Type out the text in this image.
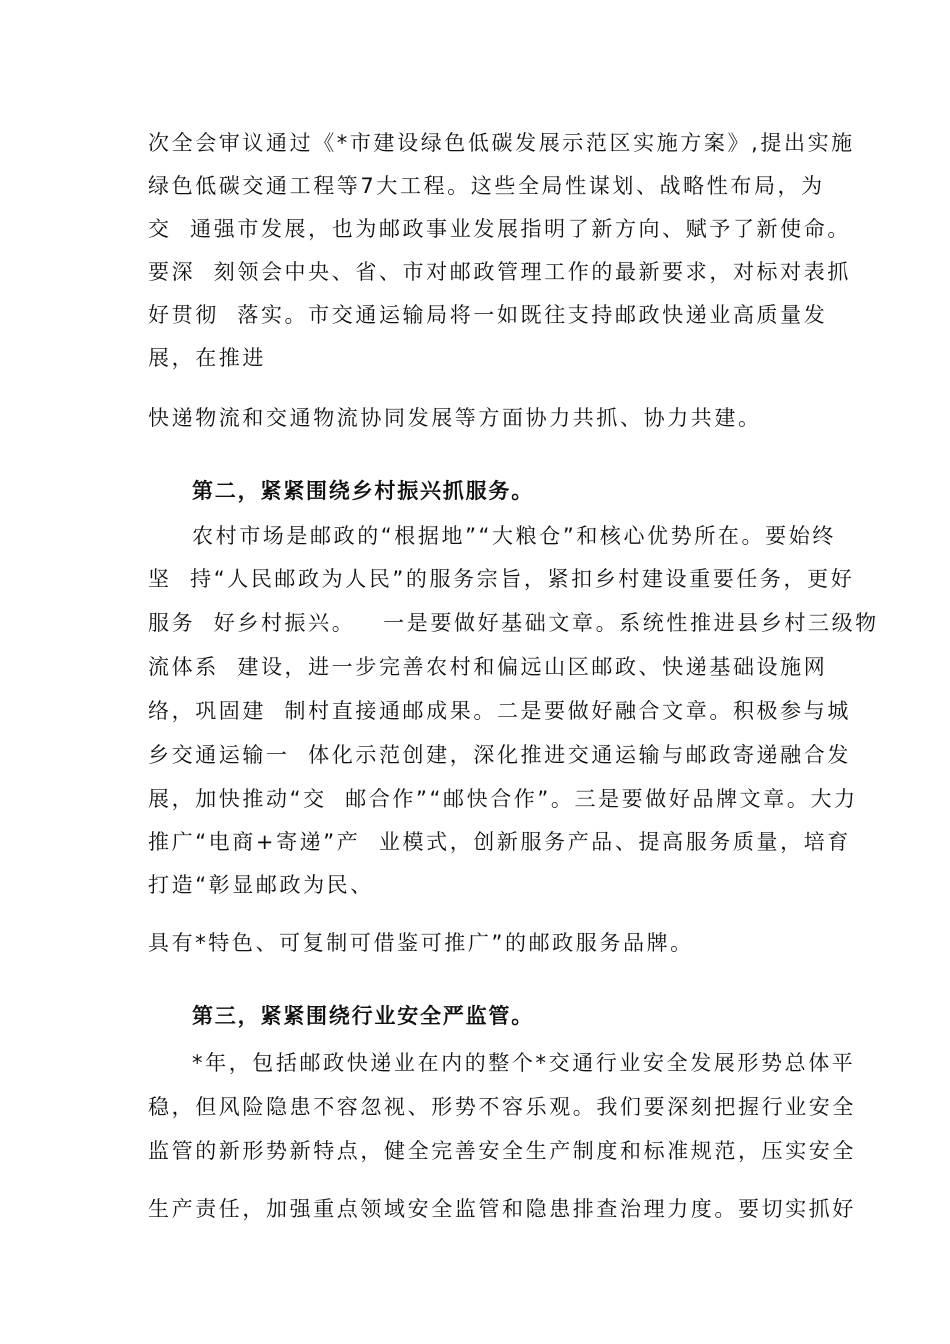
次全会审议通过《*市建设绿色低碳发展示范区实施方案》,提出实施
绿色低碳交通工程等7大工程。这些全局性谋划、战略性布局，为
交  通强市发展，也为邮政事业发展指明了新方向、赋予了新使命。
要深  刻领会中央、省、市对邮政管理工作的最新要求，对标对表抓
好贯彻  落实。市交通运输局将一如既往支持邮政快递业高质量发
展，在推进
快递物流和交通物流协同发展等方面协力共抓、协力共建。
第二，紧紧围绕乡村振兴抓服务。
农村市场是邮政的“根据地”“大粮仓”和核心优势所在。要始终
坚  持“人民邮政为人民”的服务宗旨，紧扣乡村建设重要任务，更好
服务  好乡村振兴。   一是要做好基础文章。系统性推进县乡村三级物
流体系  建设，进一步完善农村和偏远山区邮政、快递基础设施网
络，巩固建  制村直接通邮成果。二是要做好融合文章。积极参与城
乡交通运输一  体化示范创建，深化推进交通运输与邮政寄递融合发
展，加快推动“交  邮合作”“邮快合作”。三是要做好品牌文章。大力
推广“电商+寄递”产  业模式，创新服务产品、提高服务质量，培育
打造“彰显邮政为民、
具有*特色、可复制可借鉴可推广”的邮政服务品牌。
第三，紧紧围绕行业安全严监管。
*年，包括邮政快递业在内的整个*交通行业安全发展形势总体平
稳，但风险隐患不容忽视、形势不容乐观。我们要深刻把握行业安全
监管的新形势新特点，健全完善安全生产制度和标准规范，压实安全
生产责任，加强重点领域安全监管和隐患排查治理力度。要切实抓好
